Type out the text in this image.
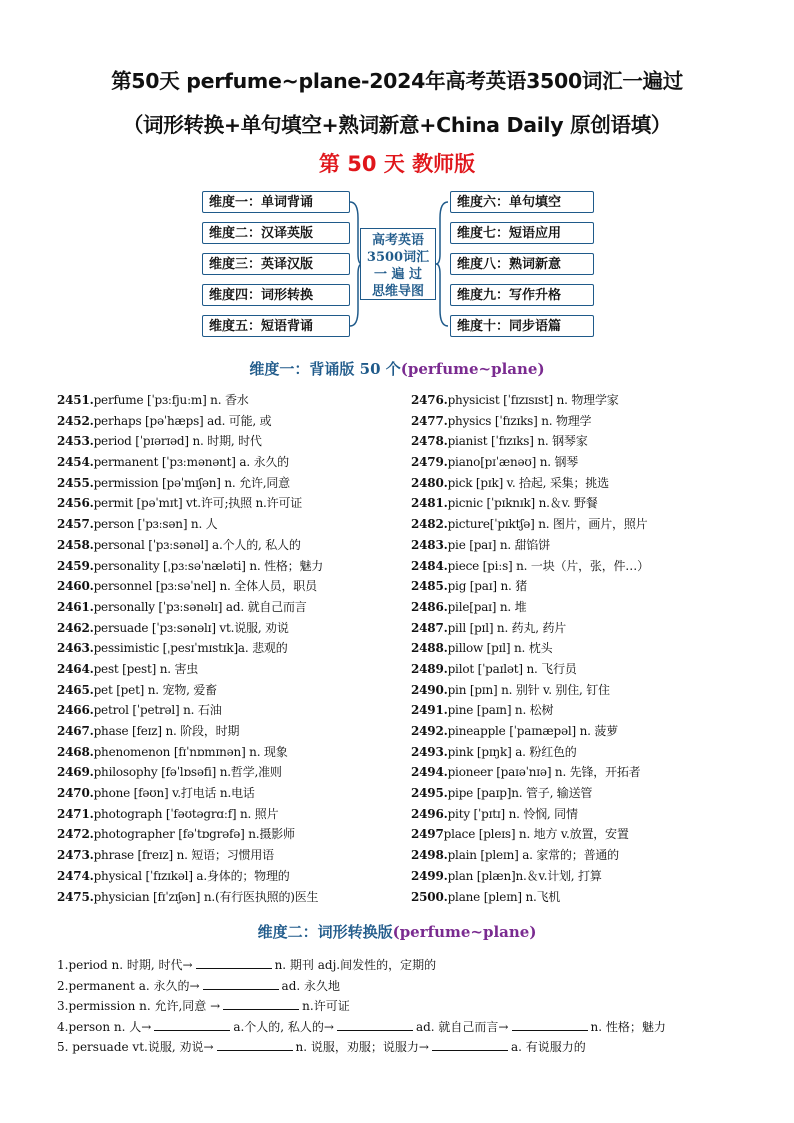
第50天 perfume~plane-2024年高考英语3500词汇一遍过
（词形转换+单句填空+熟词新意+China Daily 原创语填）
第 50 天 教师版
维度一：单词背诵
维度二：汉译英版
维度三：英译汉版
维度四：词形转换
维度五：短语背诵
高考英语
3500词汇
一 遍 过
思维导图
维度六：单句填空
维度七：短语应用
维度八：熟词新意
维度九：写作升格
维度十：同步语篇
维度一：背诵版 50 个(perfume~plane)
2451.perfume [ˈpɜːfjuːm] n. 香水
2452.perhaps [pəˈhæps] ad. 可能, 或
2453.period [ˈpɪərɪəd] n. 时期, 时代
2454.permanent [ˈpɜːmənənt] a. 永久的
2455.permission [pəˈmɪʃən] n. 允许,同意
2456.permit [pəˈmɪt] vt.许可;执照 n.许可证
2457.person [ˈpɜːsən] n. 人
2458.personal [ˈpɜːsənəl] a.个人的, 私人的
2459.personality [ˌpɜːsəˈnæləti] n. 性格；魅力
2460.personnel [pɜːsəˈnel] n. 全体人员，职员
2461.personally [ˈpɜːsənəlɪ] ad. 就自己而言
2462.persuade [ˈpɜːsənəlɪ] vt.说服, 劝说
2463.pessimistic [ˌpesɪˈmɪstɪk]a. 悲观的
2464.pest [pest] n. 害虫
2465.pet [pet] n. 宠物, 爱畜
2466.petrol [ˈpetrəl] n. 石油
2467.phase [feɪz] n. 阶段，时期
2468.phenomenon [fɪˈnɒmɪnən] n. 现象
2469.philosophy [fəˈlɒsəfi] n.哲学,准则
2470.phone [fəʊn] v.打电话 n.电话
2471.photograph [ˈfəʊtəgrɑːf] n. 照片
2472.photographer [fəˈtɒgrəfə] n.摄影师
2473.phrase [freɪz] n. 短语；习惯用语
2474.physical [ˈfɪzɪkəl] a.身体的；物理的
2475.physician [fɪˈzɪʃən] n.(有行医执照的)医生
2476.physicist [ˈfɪzɪsɪst] n. 物理学家
2477.physics [ˈfɪzɪks] n. 物理学
2478.pianist [ˈfɪzɪks] n. 钢琴家
2479.piano[pɪˈænəʊ] n. 钢琴
2480.pick [pɪk] v. 拾起, 采集；挑选
2481.picnic [ˈpɪknɪk] n.＆v. 野餐
2482.picture[ˈpɪktʃə] n. 图片，画片，照片
2483.pie [paɪ] n. 甜馅饼
2484.piece [piːs] n. 一块（片，张，件…）
2485.pig [paɪ] n. 猪
2486.pile[paɪ] n. 堆
2487.pill [pɪl] n. 药丸, 药片
2488.pillow [pɪl] n. 枕头
2489.pilot [ˈpaɪlət] n. 飞行员
2490.pin [pɪn] n. 别针 v. 别住, 钉住
2491.pine [paɪn] n. 松树
2492.pineapple [ˈpaɪnæpəl] n. 菠萝
2493.pink [pɪŋk] a. 粉红色的
2494.pioneer [paɪəˈnɪə] n. 先锋，开拓者
2495.pipe [paɪp]n. 管子, 输送管
2496.pity [ˈpɪtɪ] n. 怜悯, 同情
2497place [pleɪs] n. 地方 v.放置，安置
2498.plain [pleɪn] a. 家常的；普通的
2499.plan [plæn]n.＆v.计划, 打算
2500.plane [pleɪn] n.飞机
维度二：词形转换版(perfume~plane)
1.period n. 时期, 时代→	n. 期刊 adj.间发性的，定期的
2.permanent a. 永久的→	ad. 永久地
3.permission n. 允许,同意 →	n.许可证
4.person n. 人→	a.个人的, 私人的→	ad. 就自己而言→	n. 性格；魅力
5. persuade vt.说服, 劝说→	n. 说服，劝服；说服力→	a. 有说服力的
